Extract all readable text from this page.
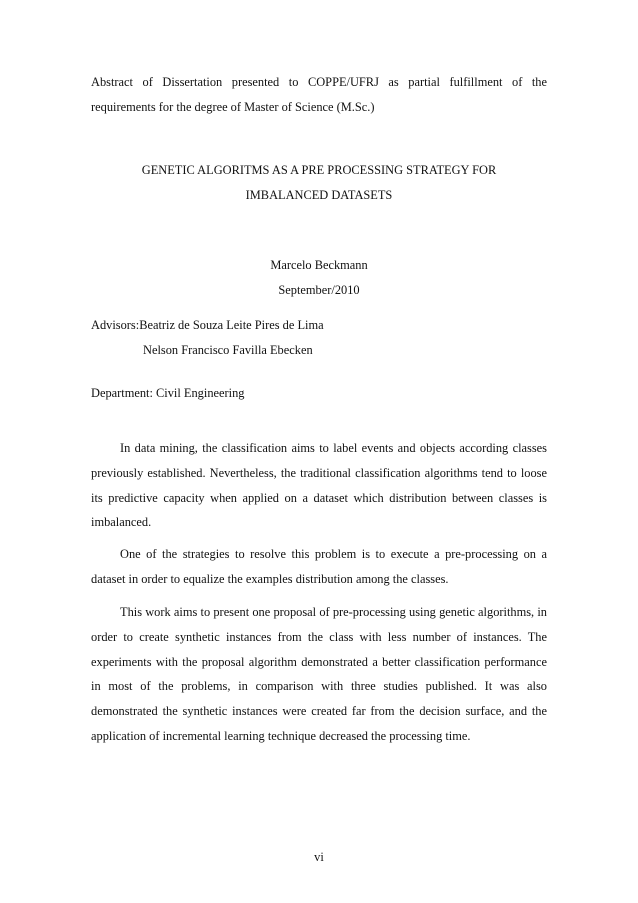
Abstract of Dissertation presented to COPPE/UFRJ as partial fulfillment of the requirements for the degree of Master of Science (M.Sc.)
GENETIC ALGORITMS AS A PRE PROCESSING STRATEGY FOR
IMBALANCED DATASETS
Marcelo Beckmann
September/2010
Advisors:Beatriz de Souza Leite Pires de Lima
Nelson Francisco Favilla Ebecken
Department: Civil Engineering
In data mining, the classification aims to label events and objects according classes previously established. Nevertheless, the traditional classification algorithms tend to loose its predictive capacity when applied on a dataset which distribution between classes is imbalanced.
One of the strategies to resolve this problem is to execute a pre-processing on a dataset in order to equalize the examples distribution among the classes.
This work aims to present one proposal of pre-processing using genetic algorithms, in order to create synthetic instances from the class with less number of instances. The experiments with the proposal algorithm demonstrated a better classification performance in most of the problems, in comparison with three studies published. It was also demonstrated the synthetic instances were created far from the decision surface, and the application of incremental learning technique decreased the processing time.
vi
